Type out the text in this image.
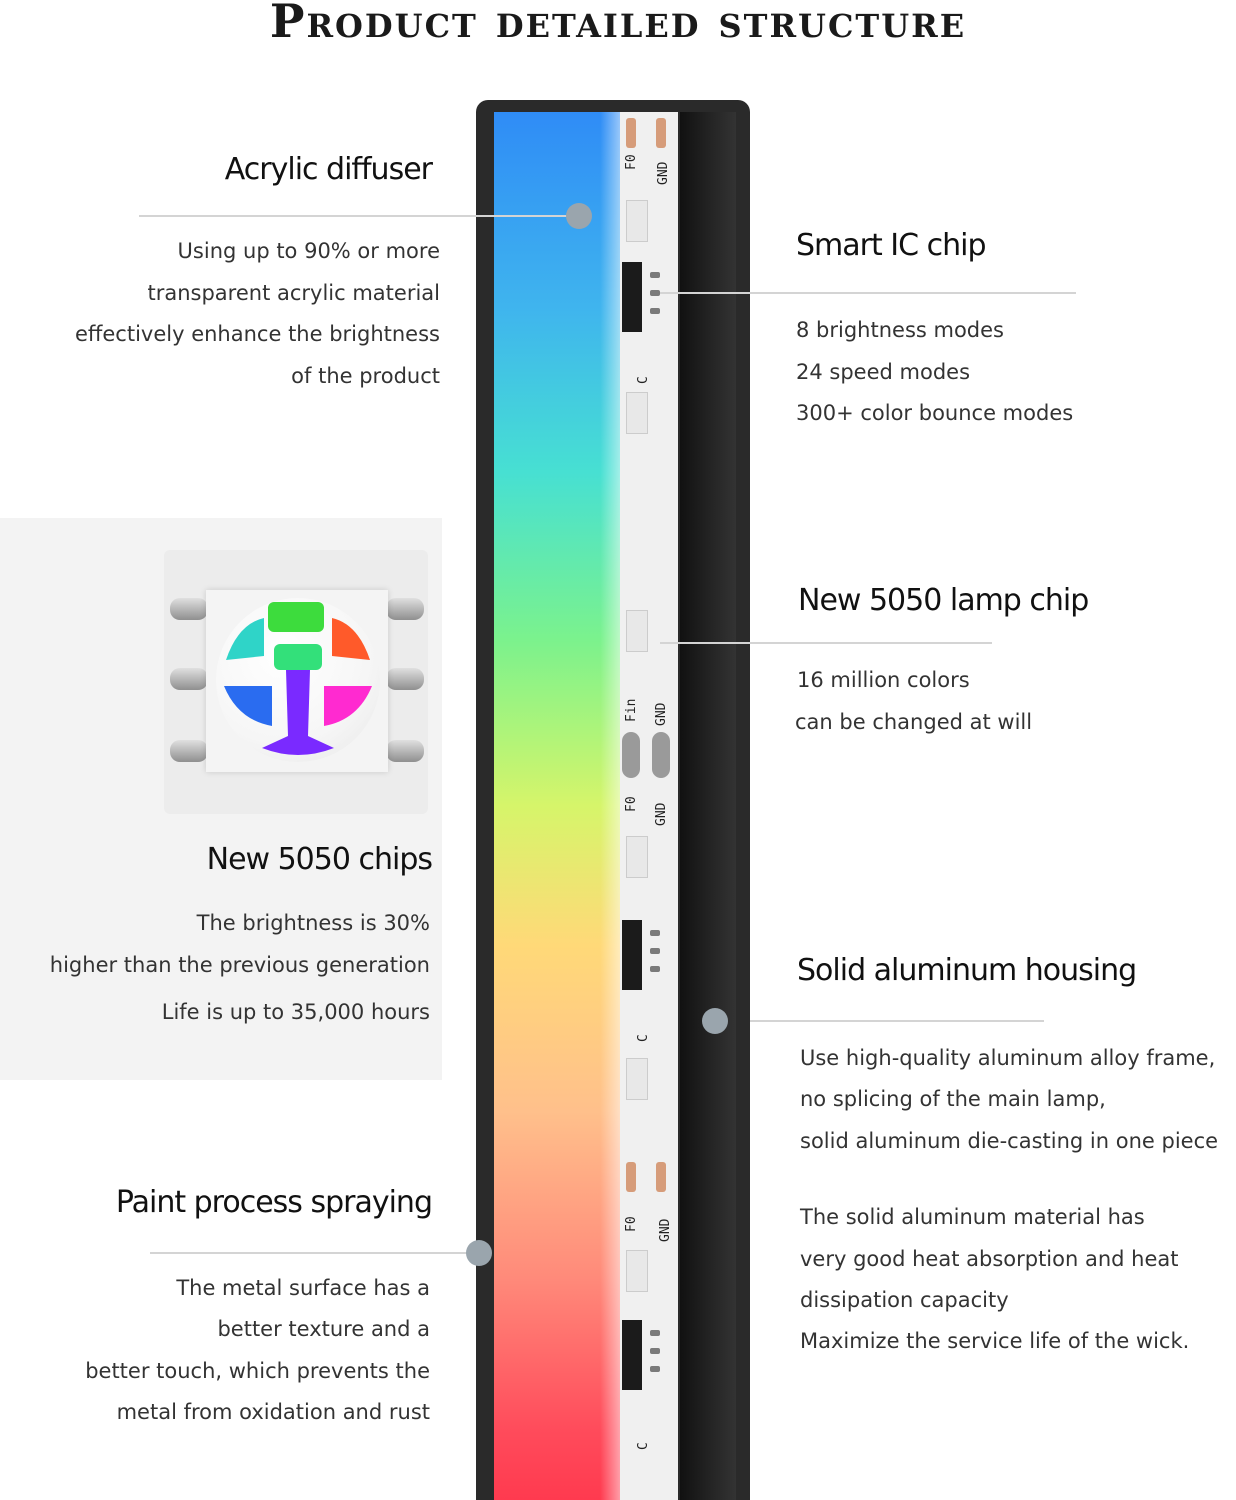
Product detailed structure
F0 GND
C
Fin GND
F0 GND
C
F0 GND
C
Acrylic diffuser
Using up to 90% or more
transparent acrylic material
effectively enhance the brightness
of the product
Smart IC chip
8 brightness modes
24 speed modes
300+ color bounce modes
New 5050 lamp chip
16 million colors
can be changed at will
New 5050 chips
The brightness is 30%
higher than the previous generation
Life is up to 35,000 hours
Solid aluminum housing
Use high-quality aluminum alloy frame,
no splicing of the main lamp,
solid aluminum die-casting in one piece
The solid aluminum material has
very good heat absorption and heat
dissipation capacity
Maximize the service life of the wick.
Paint process spraying
The metal surface has a
better texture and a
better touch, which prevents the
metal from oxidation and rust
